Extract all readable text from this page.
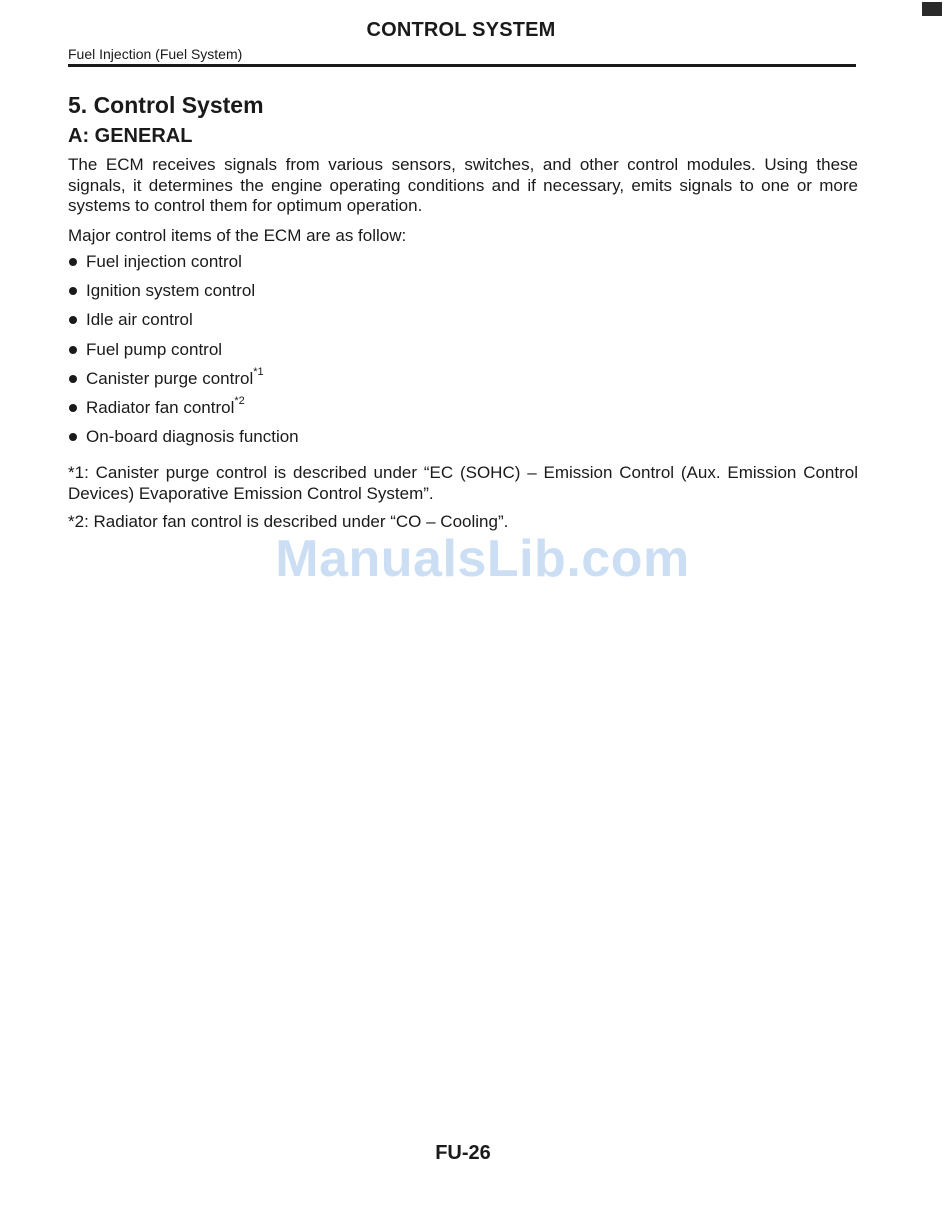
CONTROL SYSTEM
Fuel Injection (Fuel System)
5. Control System
A: GENERAL

The ECM receives signals from various sensors, switches, and other control modules. Using these signals, it determines the engine operating conditions and if necessary, emits signals to one or more systems to control them for optimum operation.

Major control items of the ECM are as follow:

Fuel injection control
Ignition system control
Idle air control
Fuel pump control
Canister purge control$^{*1}$
Radiator fan control$^{*2}$
On-board diagnosis function

*1: Canister purge control is described under “EC (SOHC) – Emission Control (Aux. Emission Control Devices) Evaporative Emission Control System”.

*2: Radiator fan control is described under “CO – Cooling”.

ManualsLib.com
FU-26
